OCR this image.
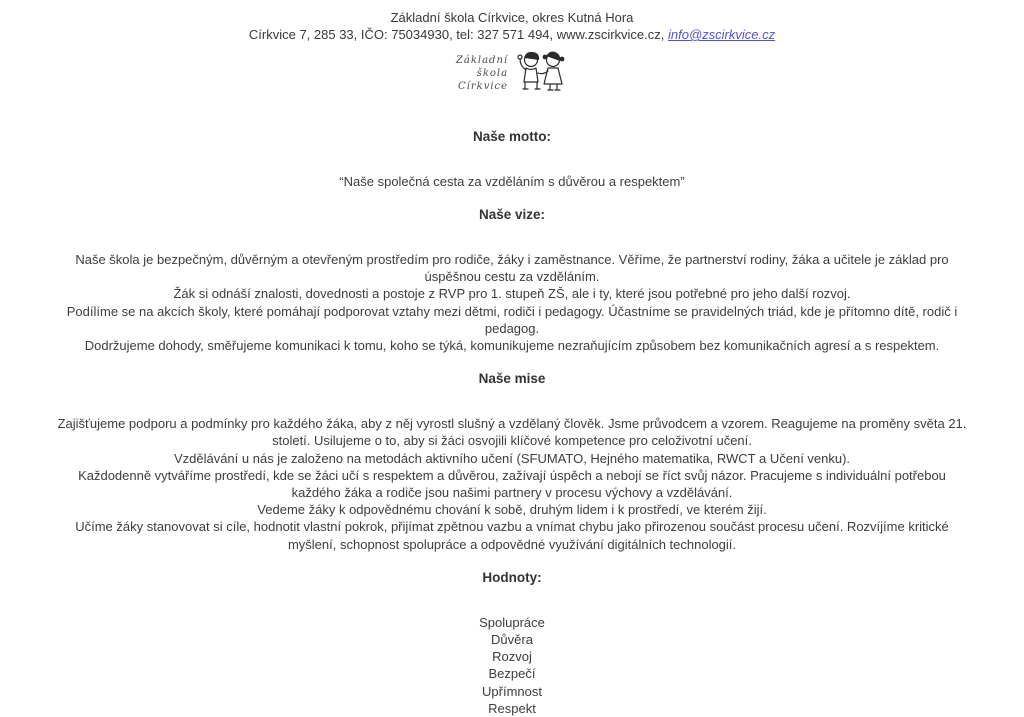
Základní škola Církvice, okres Kutná Hora
Církvice 7, 285 33, IČO: 75034930, tel: 327 571 494, www.zscirkvice.cz, info@zscirkvice.cz
Základní
škola
Církvice
Naše motto:

“Naše společná cesta za vzděláním s důvěrou a respektem”

Naše vize:

Naše škola je bezpečným, důvěrným a otevřeným prostředím pro rodiče, žáky i zaměstnance. Věříme, že partnerství rodiny, žáka a učitele je základ pro úspěšnou cestu za vzděláním.

Žák si odnáší znalosti, dovednosti a postoje z RVP pro 1. stupeň ZŠ, ale i ty, které jsou potřebné pro jeho další rozvoj.

Podílíme se na akcích školy, které pomáhají podporovat vztahy mezi dětmi, rodiči i pedagogy. Účastníme se pravidelných triád, kde je přítomno dítě, rodič i pedagog.

Dodržujeme dohody, směřujeme komunikaci k tomu, koho se týká, komunikujeme nezraňujícím způsobem bez komunikačních agresí a s respektem.

Naše mise

Zajišťujeme podporu a podmínky pro každého žáka, aby z něj vyrostl slušný a vzdělaný člověk. Jsme průvodcem a vzorem. Reagujeme na proměny světa 21. století. Usilujeme o to, aby si žáci osvojili klíčové kompetence pro celoživotní učení.

Vzdělávání u nás je založeno na metodách aktivního učení (SFUMATO, Hejného matematika, RWCT a Učení venku).

Každodenně vytváříme prostředí, kde se žáci učí s respektem a důvěrou, zažívají úspěch a nebojí se říct svůj názor. Pracujeme s individuální potřebou každého žáka a rodiče jsou našimi partnery v procesu výchovy a vzdělávání.

Vedeme žáky k odpovědnému chování k sobě, druhým lidem i k prostředí, ve kterém žijí.

Učíme žáky stanovovat si cíle, hodnotit vlastní pokrok, přijímat zpětnou vazbu a vnímat chybu jako přirozenou součást procesu učení. Rozvíjíme kritické myšlení, schopnost spolupráce a odpovědné využívání digitálních technologií.

Hodnoty:
Spolupráce
Důvěra
Rozvoj
Bezpečí
Upřímnost
Respekt
